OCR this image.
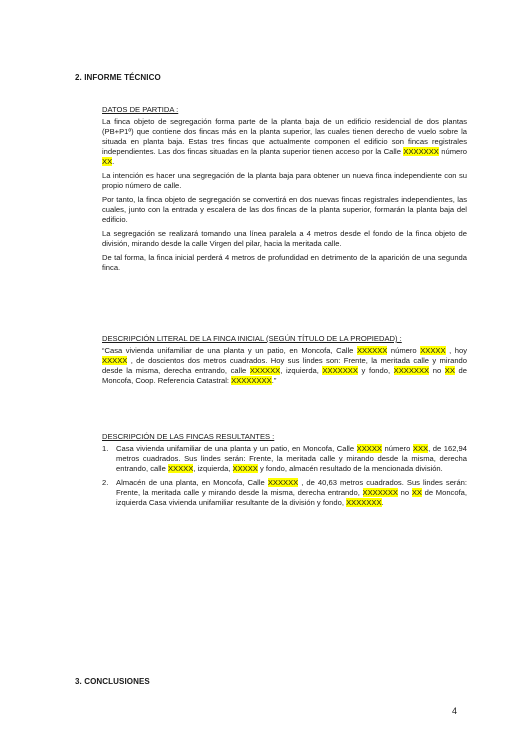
2. INFORME TÉCNICO
DATOS DE PARTIDA :

La finca objeto de segregación forma parte de la planta baja de un edificio residencial de dos plantas (PB+P1º) que contiene dos fincas más en la planta superior, las cuales tienen derecho de vuelo sobre la situada en planta baja. Estas tres fincas que actualmente componen el edificio son fincas registrales independientes. Las dos fincas situadas en la planta superior tienen acceso por la Calle XXXXXXX número XX.

La intención es hacer una segregación de la planta baja para obtener un nueva finca independiente con su propio número de calle.

Por tanto, la finca objeto de segregación se convertirá en dos nuevas fincas registrales independientes, las cuales, junto con la entrada y escalera de las dos fincas de la planta superior, formarán la planta baja del edificio.

La segregación se realizará tomando una línea paralela a 4 metros desde el fondo de la finca objeto de división, mirando desde la calle Virgen del pilar, hacia la meritada calle.

De tal forma, la finca inicial perderá 4 metros de profundidad en detrimento de la aparición de una segunda finca.

DESCRIPCIÓN LITERAL DE LA FINCA INICIAL (SEGÚN TÍTULO DE LA PROPIEDAD) :

“Casa vivienda unifamiliar de una planta y un patio, en Moncofa, Calle XXXXXX número XXXXX , hoy XXXXX , de doscientos dos metros cuadrados. Hoy sus lindes son: Frente, la meritada calle y mirando desde la misma, derecha entrando, calle XXXXXX, izquierda, XXXXXXX y fondo, XXXXXXX no XX de Moncofa, Coop. Referencia Catastral: XXXXXXXX.”

DESCRIPCIÓN DE LAS FINCAS RESULTANTES :
1. Casa vivienda unifamiliar de una planta y un patio, en Moncofa, Calle XXXXX número XXX, de 162,94 metros cuadrados. Sus lindes serán: Frente, la meritada calle y mirando desde la misma, derecha entrando, calle XXXXX, izquierda, XXXXX y fondo, almacén resultado de la mencionada división.
2. Almacén de una planta, en Moncofa, Calle XXXXXX , de 40,63 metros cuadrados. Sus lindes serán: Frente, la meritada calle y mirando desde la misma, derecha entrando, XXXXXXX no XX de Moncofa, izquierda Casa vivienda unifamiliar resultante de la división y fondo, XXXXXXX.
3. CONCLUSIONES
4
